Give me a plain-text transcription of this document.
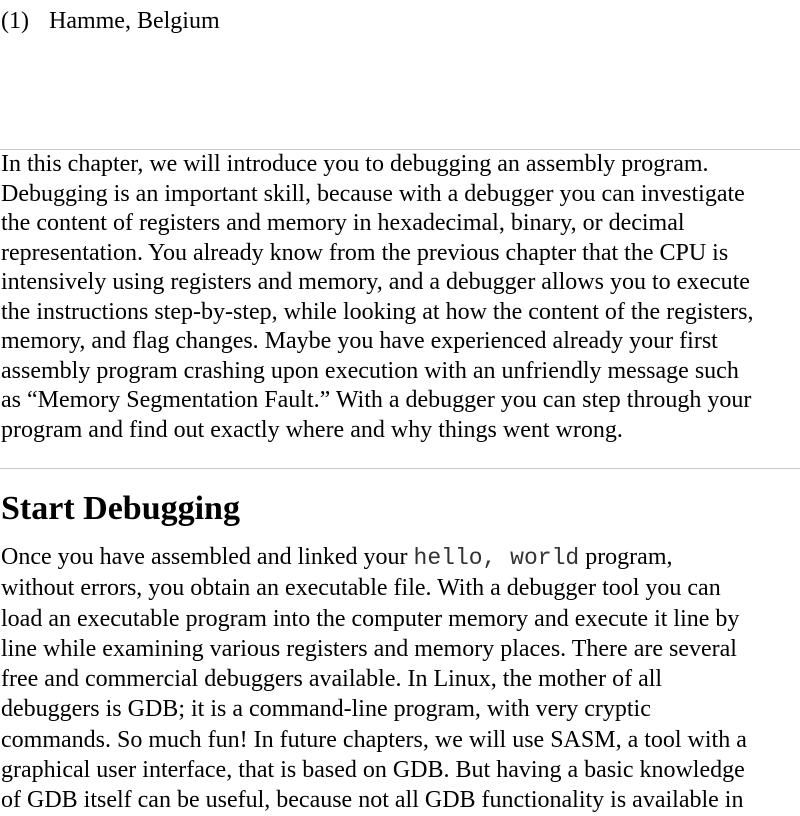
(1) Hamme, Belgium

In this chapter, we will introduce you to debugging an assembly program.
Debugging is an important skill, because with a debugger you can investigate
the content of registers and memory in hexadecimal, binary, or decimal
representation. You already know from the previous chapter that the CPU is
intensively using registers and memory, and a debugger allows you to execute
the instructions step-by-step, while looking at how the content of the registers,
memory, and flag changes. Maybe you have experienced already your first
assembly program crashing upon execution with an unfriendly message such
as “Memory Segmentation Fault.” With a debugger you can step through your
program and find out exactly where and why things went wrong.

Start Debugging

Once you have assembled and linked your hello, world program,
without errors, you obtain an executable file. With a debugger tool you can
load an executable program into the computer memory and execute it line by
line while examining various registers and memory places. There are several
free and commercial debuggers available. In Linux, the mother of all
debuggers is GDB; it is a command-line program, with very cryptic
commands. So much fun! In future chapters, we will use SASM, a tool with a
graphical user interface, that is based on GDB. But having a basic knowledge
of GDB itself can be useful, because not all GDB functionality is available in
